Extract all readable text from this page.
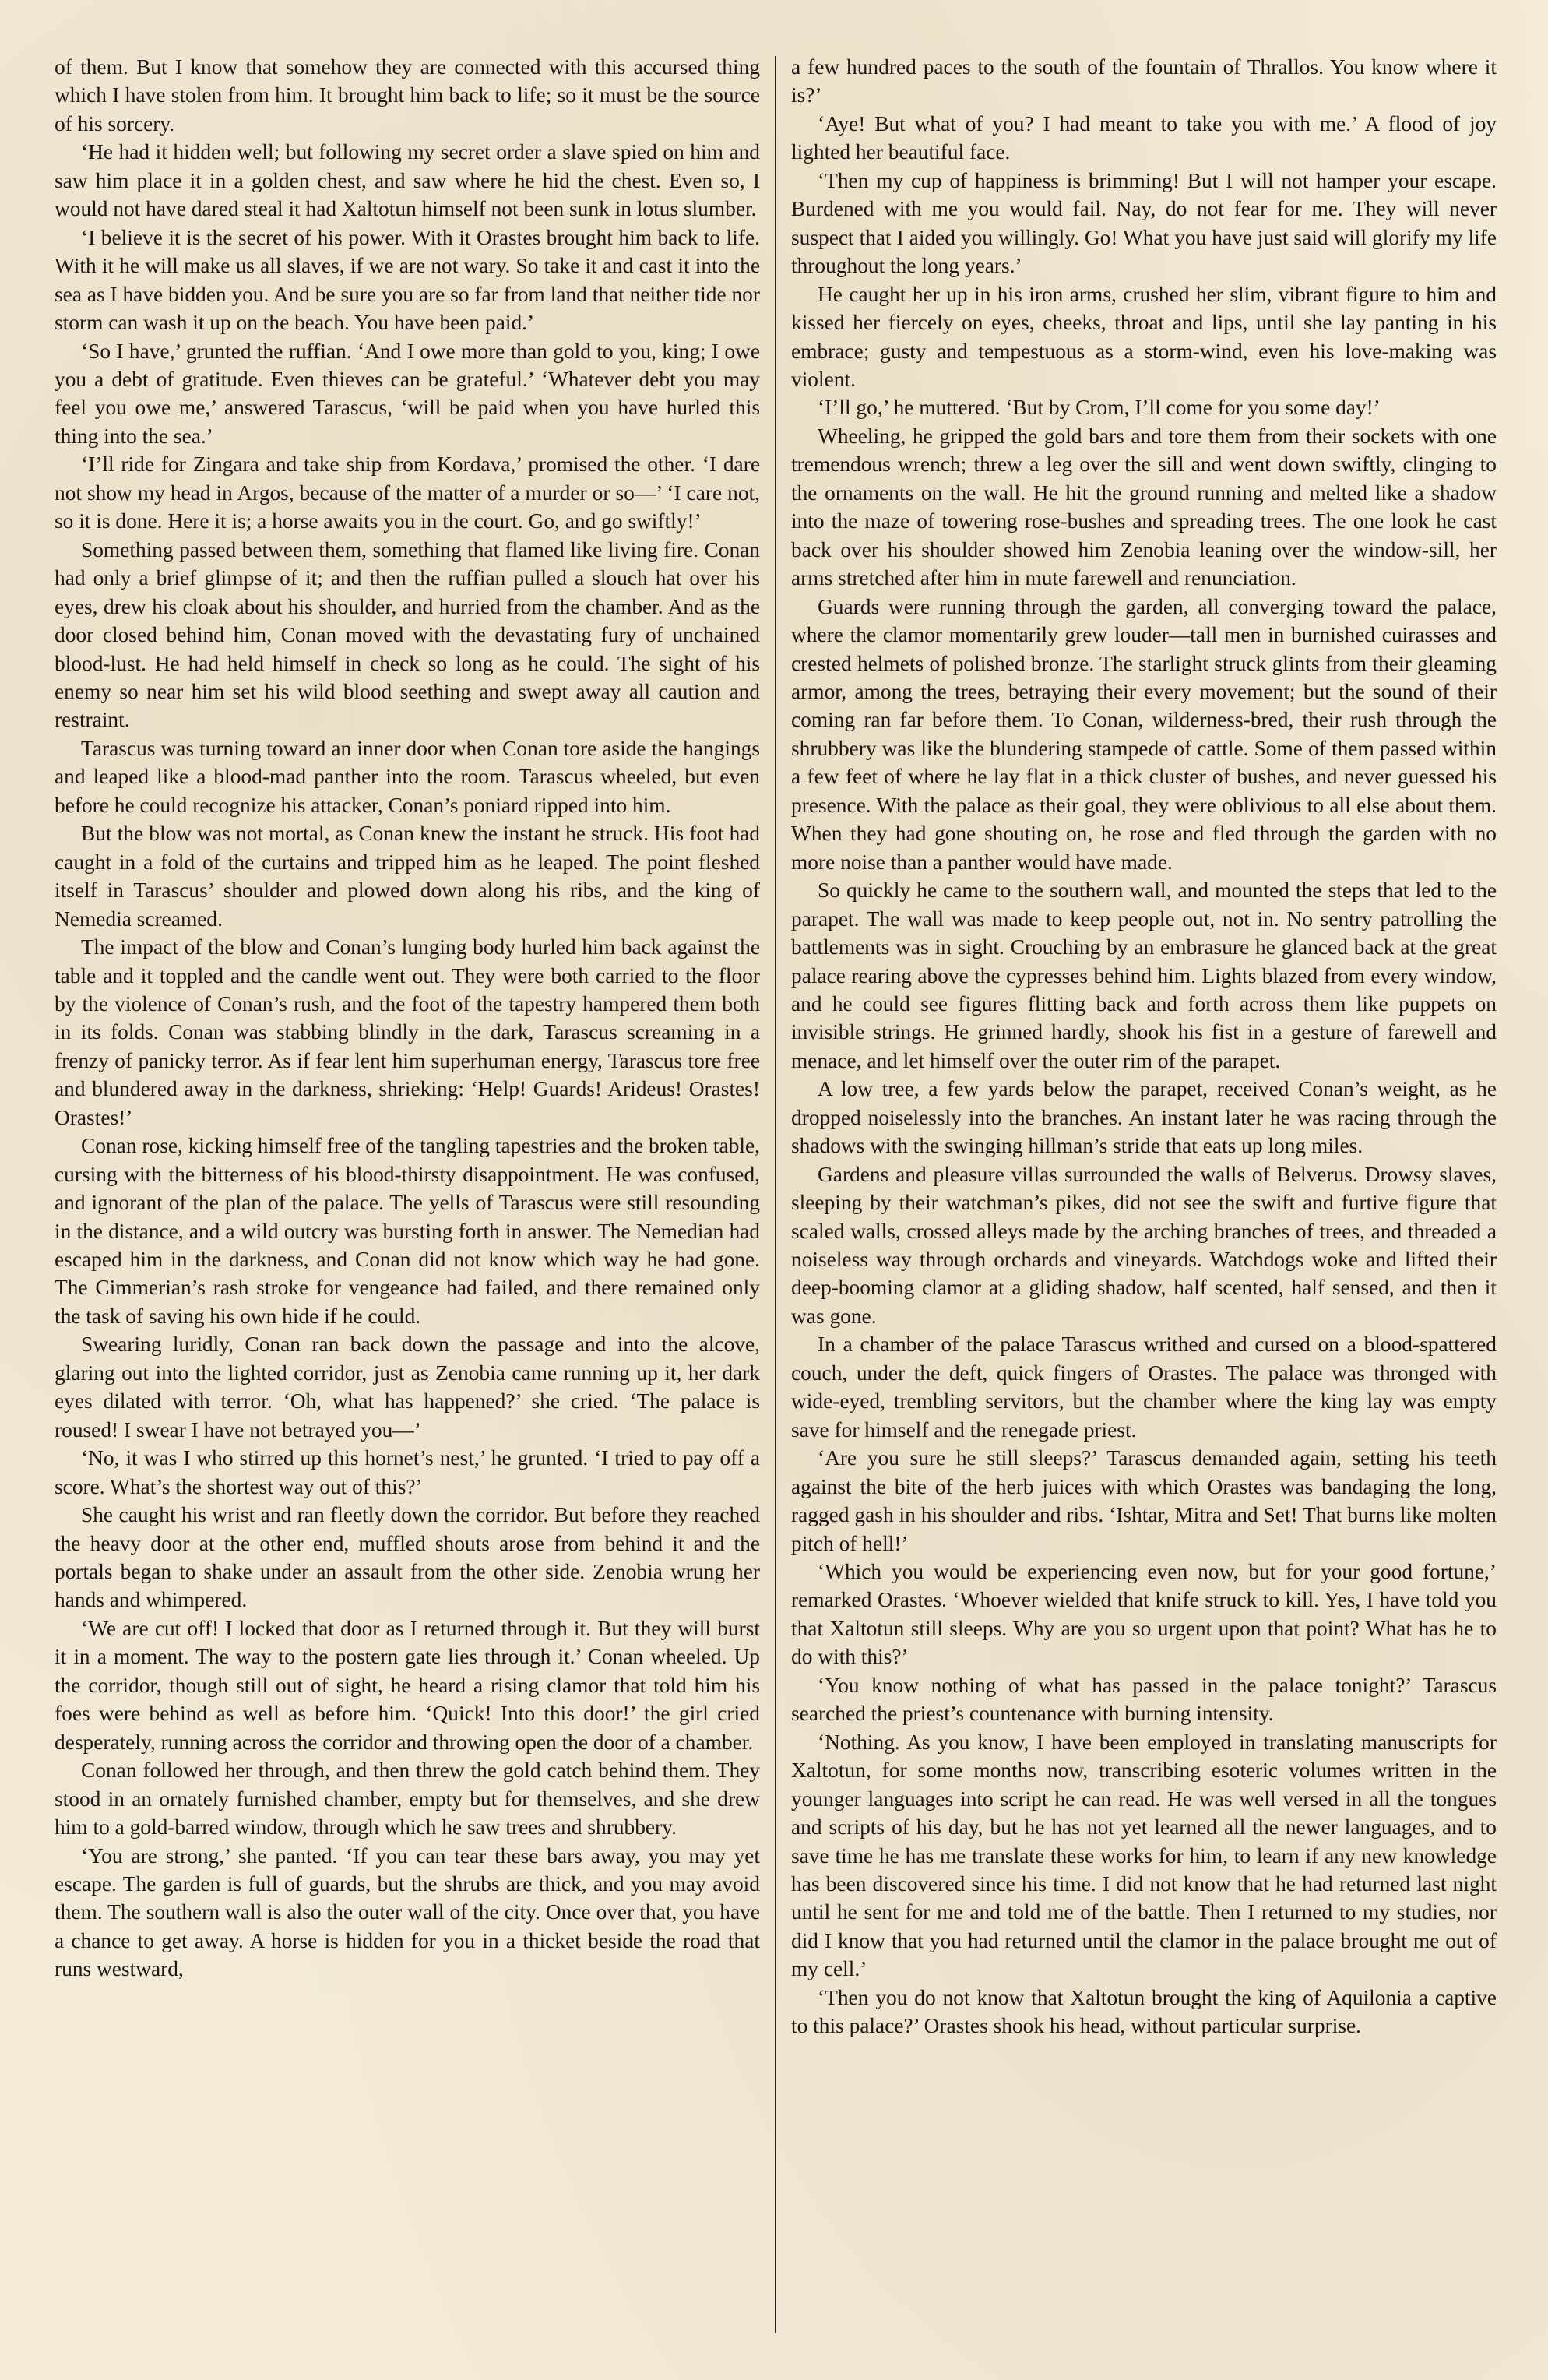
of them. But I know that somehow they are connected with this accursed thing which I have stolen from him. It brought him back to life; so it must be the source of his sorcery.

‘He had it hidden well; but following my secret order a slave spied on him and saw him place it in a golden chest, and saw where he hid the chest. Even so, I would not have dared steal it had Xaltotun himself not been sunk in lotus slumber.

‘I believe it is the secret of his power. With it Orastes brought him back to life. With it he will make us all slaves, if we are not wary. So take it and cast it into the sea as I have bidden you. And be sure you are so far from land that neither tide nor storm can wash it up on the beach. You have been paid.’

‘So I have,’ grunted the ruffian. ‘And I owe more than gold to you, king; I owe you a debt of gratitude. Even thieves can be grateful.’ ‘Whatever debt you may feel you owe me,’ answered Tarascus, ‘will be paid when you have hurled this thing into the sea.’

‘I’ll ride for Zingara and take ship from Kordava,’ promised the other. ‘I dare not show my head in Argos, because of the matter of a murder or so—’ ‘I care not, so it is done. Here it is; a horse awaits you in the court. Go, and go swiftly!’

Something passed between them, something that flamed like living fire. Conan had only a brief glimpse of it; and then the ruffian pulled a slouch hat over his eyes, drew his cloak about his shoulder, and hurried from the chamber. And as the door closed behind him, Conan moved with the devastating fury of unchained blood-lust. He had held himself in check so long as he could. The sight of his enemy so near him set his wild blood seething and swept away all caution and restraint.

Tarascus was turning toward an inner door when Conan tore aside the hangings and leaped like a blood-mad panther into the room. Tarascus wheeled, but even before he could recognize his attacker, Conan’s poniard ripped into him.

But the blow was not mortal, as Conan knew the instant he struck. His foot had caught in a fold of the curtains and tripped him as he leaped. The point fleshed itself in Tarascus’ shoulder and plowed down along his ribs, and the king of Nemedia screamed.

The impact of the blow and Conan’s lunging body hurled him back against the table and it toppled and the candle went out. They were both carried to the floor by the violence of Conan’s rush, and the foot of the tapestry hampered them both in its folds. Conan was stabbing blindly in the dark, Tarascus screaming in a frenzy of panicky terror. As if fear lent him superhuman energy, Tarascus tore free and blundered away in the darkness, shrieking: ‘Help! Guards! Arideus! Orastes! Orastes!’

Conan rose, kicking himself free of the tangling tapestries and the broken table, cursing with the bitterness of his blood-thirsty disappointment. He was confused, and ignorant of the plan of the palace. The yells of Tarascus were still resounding in the distance, and a wild outcry was bursting forth in answer. The Nemedian had escaped him in the darkness, and Conan did not know which way he had gone. The Cimmerian’s rash stroke for vengeance had failed, and there remained only the task of saving his own hide if he could.

Swearing luridly, Conan ran back down the passage and into the alcove, glaring out into the lighted corridor, just as Zenobia came running up it, her dark eyes dilated with terror. ‘Oh, what has happened?’ she cried. ‘The palace is roused! I swear I have not betrayed you—’

‘No, it was I who stirred up this hornet’s nest,’ he grunted. ‘I tried to pay off a score. What’s the shortest way out of this?’

She caught his wrist and ran fleetly down the corridor. But before they reached the heavy door at the other end, muffled shouts arose from behind it and the portals began to shake under an assault from the other side. Zenobia wrung her hands and whimpered.

‘We are cut off! I locked that door as I returned through it. But they will burst it in a moment. The way to the postern gate lies through it.’ Conan wheeled. Up the corridor, though still out of sight, he heard a rising clamor that told him his foes were behind as well as before him. ‘Quick! Into this door!’ the girl cried desperately, running across the corridor and throwing open the door of a chamber.

Conan followed her through, and then threw the gold catch behind them. They stood in an ornately furnished chamber, empty but for themselves, and she drew him to a gold-barred window, through which he saw trees and shrubbery.

‘You are strong,’ she panted. ‘If you can tear these bars away, you may yet escape. The garden is full of guards, but the shrubs are thick, and you may avoid them. The southern wall is also the outer wall of the city. Once over that, you have a chance to get away. A horse is hidden for you in a thicket beside the road that runs westward,

a few hundred paces to the south of the fountain of Thrallos. You know where it is?’

‘Aye! But what of you? I had meant to take you with me.’ A flood of joy lighted her beautiful face.

‘Then my cup of happiness is brimming! But I will not hamper your escape. Burdened with me you would fail. Nay, do not fear for me. They will never suspect that I aided you willingly. Go! What you have just said will glorify my life throughout the long years.’

He caught her up in his iron arms, crushed her slim, vibrant figure to him and kissed her fiercely on eyes, cheeks, throat and lips, until she lay panting in his embrace; gusty and tempestuous as a storm-wind, even his love-making was violent.

‘I’ll go,’ he muttered. ‘But by Crom, I’ll come for you some day!’

Wheeling, he gripped the gold bars and tore them from their sockets with one tremendous wrench; threw a leg over the sill and went down swiftly, clinging to the ornaments on the wall. He hit the ground running and melted like a shadow into the maze of towering rose-bushes and spreading trees. The one look he cast back over his shoulder showed him Zenobia leaning over the window-sill, her arms stretched after him in mute farewell and renunciation.

Guards were running through the garden, all converging toward the palace, where the clamor momentarily grew louder—tall men in burnished cuirasses and crested helmets of polished bronze. The starlight struck glints from their gleaming armor, among the trees, betraying their every movement; but the sound of their coming ran far before them. To Conan, wilderness-bred, their rush through the shrubbery was like the blundering stampede of cattle. Some of them passed within a few feet of where he lay flat in a thick cluster of bushes, and never guessed his presence. With the palace as their goal, they were oblivious to all else about them. When they had gone shouting on, he rose and fled through the garden with no more noise than a panther would have made.

So quickly he came to the southern wall, and mounted the steps that led to the parapet. The wall was made to keep people out, not in. No sentry patrolling the battlements was in sight. Crouching by an embrasure he glanced back at the great palace rearing above the cypresses behind him. Lights blazed from every window, and he could see figures flitting back and forth across them like puppets on invisible strings. He grinned hardly, shook his fist in a gesture of farewell and menace, and let himself over the outer rim of the parapet.

A low tree, a few yards below the parapet, received Conan’s weight, as he dropped noiselessly into the branches. An instant later he was racing through the shadows with the swinging hillman’s stride that eats up long miles.

Gardens and pleasure villas surrounded the walls of Belverus. Drowsy slaves, sleeping by their watchman’s pikes, did not see the swift and furtive figure that scaled walls, crossed alleys made by the arching branches of trees, and threaded a noiseless way through orchards and vineyards. Watchdogs woke and lifted their deep-booming clamor at a gliding shadow, half scented, half sensed, and then it was gone.

In a chamber of the palace Tarascus writhed and cursed on a blood-spattered couch, under the deft, quick fingers of Orastes. The palace was thronged with wide-eyed, trembling servitors, but the chamber where the king lay was empty save for himself and the renegade priest.

‘Are you sure he still sleeps?’ Tarascus demanded again, setting his teeth against the bite of the herb juices with which Orastes was bandaging the long, ragged gash in his shoulder and ribs. ‘Ishtar, Mitra and Set! That burns like molten pitch of hell!’

‘Which you would be experiencing even now, but for your good fortune,’ remarked Orastes. ‘Whoever wielded that knife struck to kill. Yes, I have told you that Xaltotun still sleeps. Why are you so urgent upon that point? What has he to do with this?’

‘You know nothing of what has passed in the palace tonight?’ Tarascus searched the priest’s countenance with burning intensity.

‘Nothing. As you know, I have been employed in translating manuscripts for Xaltotun, for some months now, transcribing esoteric volumes written in the younger languages into script he can read. He was well versed in all the tongues and scripts of his day, but he has not yet learned all the newer languages, and to save time he has me translate these works for him, to learn if any new knowledge has been discovered since his time. I did not know that he had returned last night until he sent for me and told me of the battle. Then I returned to my studies, nor did I know that you had returned until the clamor in the palace brought me out of my cell.’

‘Then you do not know that Xaltotun brought the king of Aquilonia a captive to this palace?’ Orastes shook his head, without particular surprise.
